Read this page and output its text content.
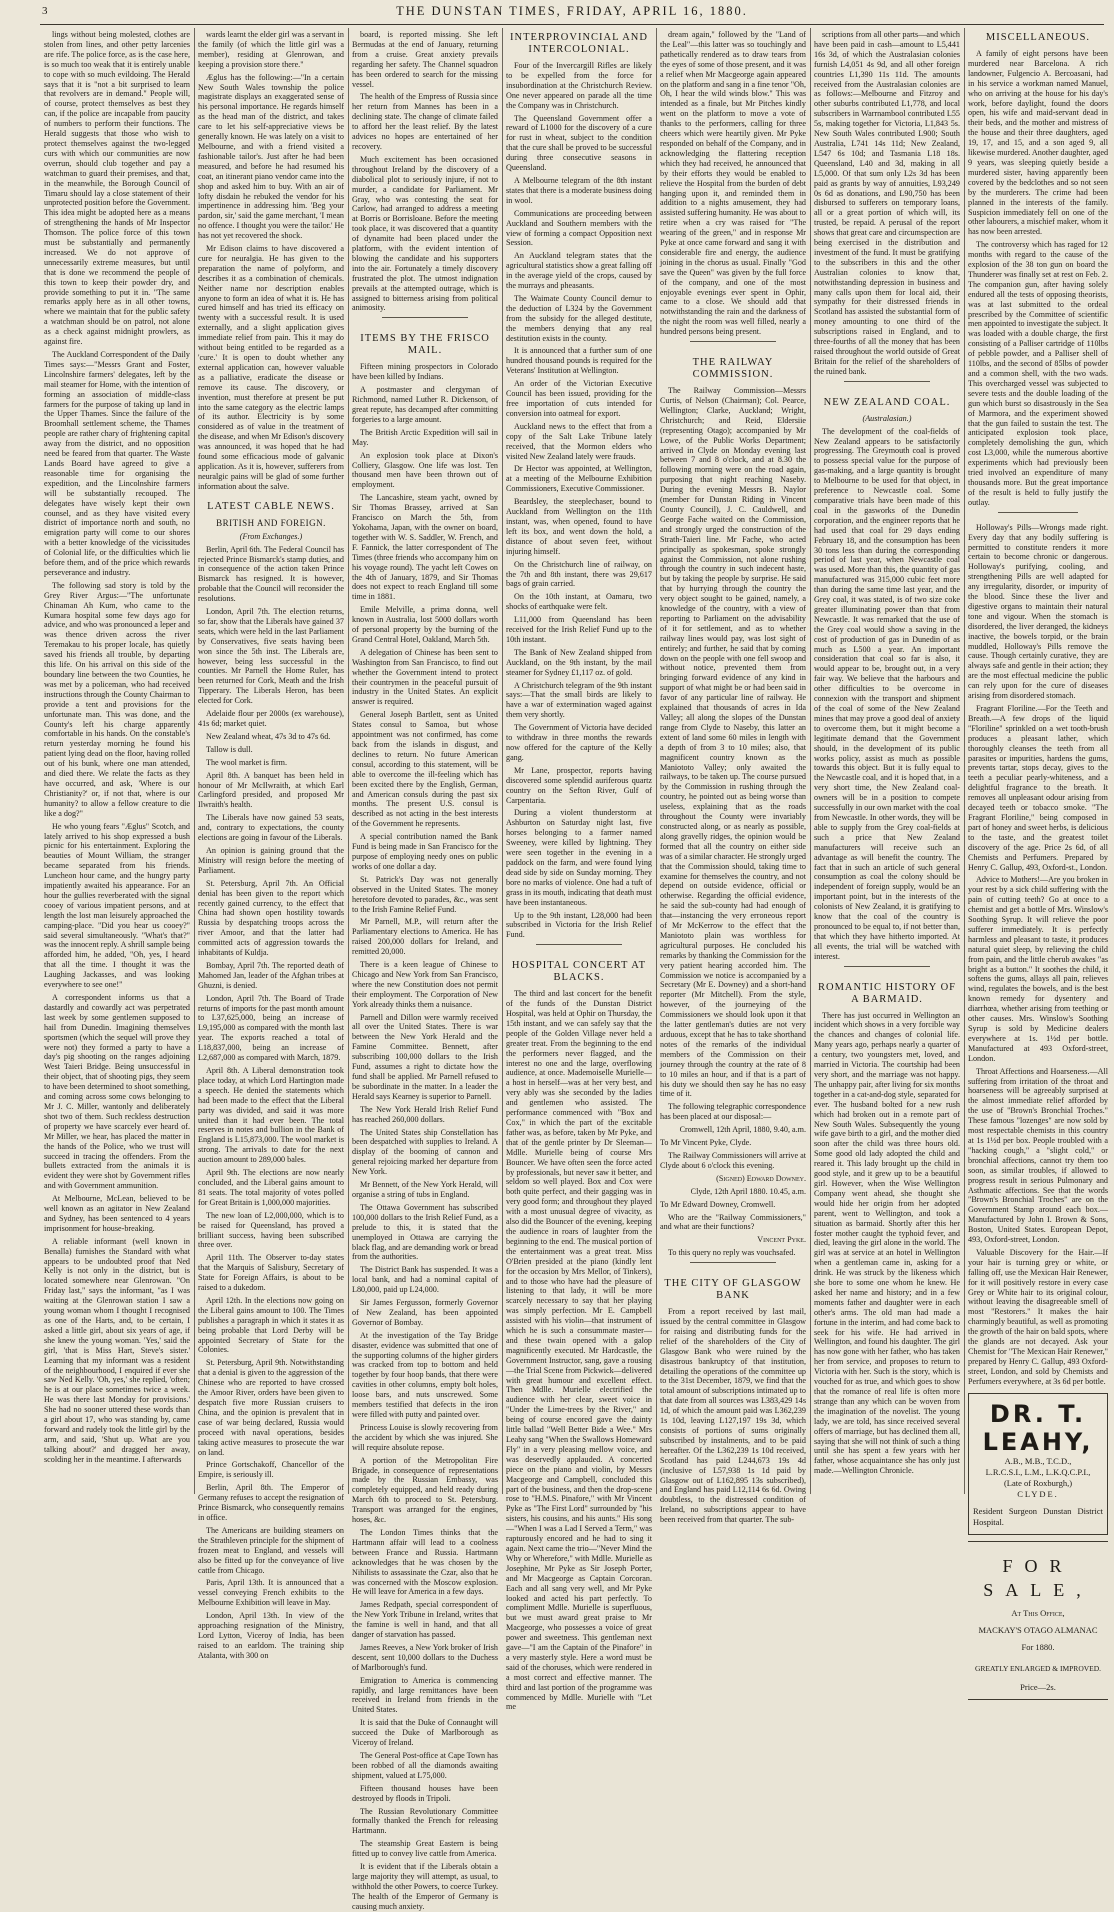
3	THE DUNSTAN TIMES, FRIDAY, APRIL 16, 1880.

lings without being molested, clothes are stolen from lines, and other petty larcenies are rife. The police force, as is the case here, is so much too weak that it is entirely unable to cope with so much evildoing. The Herald says that it is "not a bit surprised to learn that revolvers are in demand." People will, of course, protect themselves as best they can, if the police are incapable from paucity of numbers to perform their functions. The Herald suggests that those who wish to protect themselves against the two-legged curs with which our communities are now overrun, should club together and pay a watchman to guard their premises, and that, in the meanwhile, the Borough Council of Timaru should lay a close statement of their unprotected position before the Government. This idea might be adopted here as a means of strengthening the hands of Mr Inspector Thomson. The police force of this town must be substantially and permanently increased. We do not approve of unnecessarily extreme measures, but until that is done we recommend the people of this town to keep their powder dry, and provide something to put it in. "The same remarks apply here as in all other towns, where we maintain that for the public safety a watchman should be on patrol, not alone as a check against midnight prowlers, as against fire.

The Auckland Correspondent of the Daily Times says:—"Messrs Grant and Foster, Lincolnshire farmers' delegates, left by the mail steamer for Home, with the intention of forming an association of middle-class farmers for the purpose of taking up land in the Upper Thames. Since the failure of the Broomhall settlement scheme, the Thames people are rather chary of frightening capital away from the district, and no opposition need be feared from that quarter. The Waste Lands Board have agreed to give a reasonable time for organising the expedition, and the Lincolnshire farmers will be substantially recouped. The delegates have wisely kept their own counsel, and as they have visited every district of importance north and south, no emigration party will come to our shores with a better knowledge of the vicissitudes of Colonial life, or the difficulties which lie before them, and of the price which rewards perseverance and industry.

The following sad story is told by the Grey River Argus:—"The unfortunate Chinaman Ah Kum, who came to the Kumara hospital some few days ago for advice, and who was pronounced a leper and was thence driven across the river Teremakau to his proper locale, has quietly saved his friends all trouble, by departing this life. On his arrival on this side of the boundary line between the two Counties, he was met by a policeman, who had received instructions through the County Chairman to provide a tent and provisions for the unfortunate man. This was done, and the County's left his charge apparently comfortable in his hands. On the constable's return yesterday morning he found his patient lying dead on the floor, having rolled out of his bunk, where one man attended, and died there. We relate the facts as they have occurred, and ask, 'Where is our Christianity?' or, if not that, where is our humanity? to allow a fellow creature to die like a dog?"

He who young fears "Æglus" Scotch, and lately arrived to his shop expressed a bush picnic for his entertainment. Exploring the beauties of Mount William, the stranger became separated from his friends. Luncheon hour came, and the hungry party impatiently awaited his appearance. For an hour the gullies reverberated with the signal cooey of various impatient persons, and at length the lost man leisurely approached the camping-place. "Did you hear us cooey?" said several simultaneously. "What's that?" was the innocent reply. A shrill sample being afforded him, he added, "Oh, yes, I heard that all the time. I thought it was the Laughing Jackasses, and was looking everywhere to see one!"

A correspondent informs us that a dastardly and cowardly act was perpetrated last week by some gentlemen supposed to hail from Dunedin. Imagining themselves sportsmen (which the sequel will prove they were not) they formed a party to have a day's pig shooting on the ranges adjoining West Taieri Bridge. Being unsuccessful in their object, that of shooting pigs, they seem to have been determined to shoot something, and coming across some cows belonging to Mr J. C. Miller, wantonly and deliberately shot two of them. Such reckless destruction of property we have scarcely ever heard of. Mr Miller, we hear, has placed the matter in the hands of the Police, who we trust will succeed in tracing the offenders. From the bullets extracted from the animals it is evident they were shot by Government rifles and with Government ammunition.

At Melbourne, McLean, believed to be well known as an agitator in New Zealand and Sydney, has been sentenced to 4 years imprisonment for house-breaking.

A reliable informant (well known in Benalla) furnishes the Standard with what appears to be undoubted proof that Ned Kelly is not only in the district, but is located somewhere near Glenrowan. "On Friday last," says the informant, "as I was waiting at the Glenrowan station I saw a young woman whom I thought I recognised as one of the Harts, and, to be certain, I asked a little girl, about six years of age, if she knew the young woman. 'Yes,' said the girl, 'that is Miss Hart, Steve's sister.' Learning that my informant was a resident of the neighbourhood, I enquired if ever she saw Ned Kelly. 'Oh, yes,' she replied, 'often; he is at our place sometimes twice a week. He was there last Monday for provisions.' She had no sooner uttered these words than a girl about 17, who was standing by, came forward and rudely took the little girl by the arm, and said, 'Shut up. What are you talking about?' and dragged her away, scolding her in the meantime. I afterwards

wards learnt the elder girl was a servant in the family (of which the little girl was a member), residing at Glenrowan, and keeping a provision store there."

Æglus has the following:—"In a certain New South Wales township the police magistrate displays an exaggerated sense of his personal importance. He regards himself as the head man of the district, and takes care to let his self-appreciative views be generally known. He was lately on a visit to Melbourne, and with a friend visited a fashionable tailor's. Just after he had been measured, and before he had resumed his coat, an itinerant piano vendor came into the shop and asked him to buy. With an air of lofty disdain he rebuked the vendor for his impertinence in addressing him. 'Beg your pardon, sir,' said the game merchant, 'I mean no offence. I thought you were the tailor.' He has not yet recovered the shock.

Mr Edison claims to have discovered a cure for neuralgia. He has given to the preparation the name of polyform, and describes it as a combination of chemicals. Neither name nor description enables anyone to form an idea of what it is. He has cured himself and has tried its efficacy on twenty with a successful result. It is used externally, and a slight application gives immediate relief from pain. This it may do without being entitled to be regarded as a 'cure.' It is open to doubt whether any external application can, however valuable as a palliative, eradicate the disease or remove its cause. The discovery, or invention, must therefore at present be put into the same category as the electric lamps of its author. Electricity is by some considered as of value in the treatment of the disease, and when Mr Edison's discovery was announced, it was hoped that he had found some efficacious mode of galvanic application. As it is, however, sufferers from neuralgic pains will be glad of some further information about the salve.

LATEST CABLE NEWS.
BRITISH AND FOREIGN.

(From Exchanges.)

Berlin, April 6th. The Federal Council has rejected Prince Bismarck's stamp duties, and in consequence of the action taken Prince Bismarck has resigned. It is however, probable that the Council will reconsider the resolutions.

London, April 7th. The election returns, so far, show that the Liberals have gained 37 seats, which were held in the last Parliament by Conservatives, five seats having been won since the 5th inst. The Liberals are, however, being less successful in the counties. Mr Parnell the Home Ruler, has been returned for Cork, Meath and the Irish Tipperary. The Liberals Heron, has been elected for Cork.

Adelaide flour per 2000s (ex warehouse), 41s 6d; market quiet.

New Zealand wheat, 47s 3d to 47s 6d.

Tallow is dull.

The wool market is firm.

April 8th. A banquet has been held in honour of Mr McIlwraith, at which Earl Carlingford presided, and proposed Mr Ilwraith's health.

The Liberals have now gained 53 seats, and, contrary to expectations, the county elections are going in favour of the Liberals.

An opinion is gaining ground that the Ministry will resign before the meeting of Parliament.

St. Petersburg, April 7th. An Official denial has been given to the report which recently gained currency, to the effect that China had shown open hostility towards Russia by despatching troops across the river Amoor, and that the latter had committed acts of aggression towards the inhabitants of Kuldja.

Bombay, April 7th. The reported death of Mahomed Jan, leader of the Afghan tribes at Ghuzni, is denied.

London, April 7th. The Board of Trade returns of imports for the past month amount to L37,625,000, being an increase of L9,195,000 as compared with the month last year. The exports reached a total of L18,837,000, being an increase of L2,687,000 as compared with March, 1879.

April 8th. A Liberal demonstration took place today, at which Lord Hartington made a speech. He denied the statements which had been made to the effect that the Liberal party was divided, and said it was more united than it had ever been. The total reserves in notes and bullion in the Bank of England is L15,873,000. The wool market is strong. The arrivals to date for the next auction amount to 289,000 bales.

April 9th. The elections are now nearly concluded, and the Liberal gains amount to 81 seats. The total majority of votes polled for Great Britain is 1,000,000 majorities.

The new loan of L2,000,000, which is to be raised for Queensland, has proved a brilliant success, having been subscribed three over.

April 11th. The Observer to-day states that the Marquis of Salisbury, Secretary of State for Foreign Affairs, is about to be raised to a dukedom.

April 12th. In the elections now going on the Liberal gains amount to 100. The Times publishes a paragraph in which it states it as being probable that Lord Derby will be appointed Secretary of State for the Colonies.

St. Petersburg, April 9th. Notwithstanding that a denial is given to the aggression of the Chinese who are reported to have crossed the Amoor River, orders have been given to despatch five more Russian cruisers to China, and the opinion is prevalent that in case of war being declared, Russia would proceed with naval operations, besides taking active measures to prosecute the war on land.

Prince Gortschakoff, Chancellor of the Empire, is seriously ill.

Berlin, April 8th. The Emperor of Germany refuses to accept the resignation of Prince Bismarck, who consequently remains in office.

The Americans are building steamers on the Strathleven principle for the shipment of frozen meat to England, and vessels will also be fitted up for the conveyance of live cattle from Chicago.

Paris, April 13th. It is announced that a vessel conveying French exhibits to the Melbourne Exhibition will leave in May.

London, April 13th. In view of the approaching resignation of the Ministry, Lord Lytton, Viceroy of India, has been raised to an earldom. The training ship Atalanta, with 300 on

board, is reported missing. She left Bermudas at the end of January, returning from a cruise. Great anxiety prevails regarding her safety. The Channel squadron has been ordered to search for the missing vessel.

The health of the Empress of Russia since her return from Mannes has been in a declining state. The change of climate failed to afford her the least relief. By the latest advices no hopes are entertained of her recovery.

Much excitement has been occasioned throughout Ireland by the discovery of a diabolical plot to seriously injure, if not to murder, a candidate for Parliament. Mr Gray, who was contesting the seat for Carlow, had arranged to address a meeting at Borris or Borrisloane. Before the meeting took place, it was discovered that a quantity of dynamite had been placed under the platform, with the evident intention of blowing the candidate and his supporters into the air. Fortunately a timely discovery frustrated the plot. The utmost indignation prevails at the attempted outrage, which is assigned to bitterness arising from political animosity.

ITEMS BY THE FRISCO MAIL.

Fifteen mining prospectors in Colorado have been killed by Indians.

A postmaster and clergyman of Richmond, named Luther R. Dickenson, of great repute, has decamped after committing forgeries to a large amount.

The British Arctic Expedition will sail in May.

An explosion took place at Dixon's Colliery, Glasgow. One life was lost. Ten thousand men have been thrown out of employment.

The Lancashire, steam yacht, owned by Sir Thomas Brassey, arrived at San Francisco on March the 5th, from Yokohama, Japan, with the owner on board, together with W. S. Saddler, W. French, and F. Fannick, the latter correspondent of The Times (three friends who accompany him on his voyage round). The yacht left Cowes on the 4th of January, 1879, and Sir Thomas does not expect to reach England till some time in 1881.

Emile Melville, a prima donna, well known in Australia, lost 5000 dollars worth of personal property by the burning of the Grand Central Hotel, Oakland, March 5th.

A delegation of Chinese has been sent to Washington from San Francisco, to find out whether the Government intend to protect their countrymen in the peaceful pursuit of industry in the United States. An explicit answer is required.

General Joseph Bartlett, sent as United States consul to Samoa, but whose appointment was not confirmed, has come back from the islands in disgust, and declines to return. No future American consul, according to this statement, will be able to overcome the ill-feeling which has been excited there by the English, German, and American consuls during the past six months. The present U.S. consul is described as not acting in the best interests of the Government he represents.

A special contribution named the Bank Fund is being made in San Francisco for the purpose of employing needy ones on public works of one dollar a day.

St. Patrick's Day was not generally observed in the United States. The money heretofore devoted to parades, &c., was sent to the Irish Famine Relief Fund.

Mr Parnell, M.P., will return after the Parliamentary elections to America. He has raised 200,000 dollars for Ireland, and remitted 20,000.

There is a keen league of Chinese to Chicago and New York from San Francisco, where the new Constitution does not permit their employment. The Corporation of New York already thinks them a nuisance.

Parnell and Dillon were warmly received all over the United States. There is war between the New York Herald and the Famine Committee. Bennett, after subscribing 100,000 dollars to the Irish Fund, assumes a right to dictate how the fund shall be applied. Mr Parnell refused to be subordinate in the matter. In a leader the Herald says Kearney is superior to Parnell.

The New York Herald Irish Relief Fund has reached 260,000 dollars.

The United States ship Constellation has been despatched with supplies to Ireland. A display of the booming of cannon and general rejoicing marked her departure from New York.

Mr Bennett, of the New York Herald, will organise a string of tubs in England.

The Ottawa Government has subscribed 100,000 dollars to the Irish Relief Fund, as a prelude to this, it is stated that the unemployed in Ottawa are carrying the black flag, and are demanding work or bread from the authorities.

The District Bank has suspended. It was a local bank, and had a nominal capital of L80,000, paid up L24,000.

Sir James Fergusson, formerly Governor of New Zealand, has been appointed Governor of Bombay.

At the investigation of the Tay Bridge disaster, evidence was submitted that one of the supporting columns of the higher girders was cracked from top to bottom and held together by four hoop bands, that there were cavities in other columns, empty bolt holes, loose bars, and nuts unscrewed. Some members testified that defects in the iron were filled with putty and painted over.

Princess Louise is slowly recovering from the accident by which she was injured. She will require absolute repose.

A portion of the Metropolitan Fire Brigade, in consequence of representations made by the Russian Embassy, was completely equipped, and held ready during March 6th to proceed to St. Petersburg. Transport was arranged for the engines, hoses, &c.

The London Times thinks that the Hartmann affair will lead to a coolness between France and Russia. Hartmann acknowledges that he was chosen by the Nihilists to assassinate the Czar, also that he was concerned with the Moscow explosion. He will leave for America in a few days.

James Redpath, special correspondent of the New York Tribune in Ireland, writes that the famine is well in hand, and that all danger of starvation has passed.

James Reeves, a New York broker of Irish descent, sent 10,000 dollars to the Duchess of Marlborough's fund.

Emigration to America is commencing rapidly, and large remittances have been received in Ireland from friends in the United States.

It is said that the Duke of Connaught will succeed the Duke of Marlborough as Viceroy of Ireland.

The General Post-office at Cape Town has been robbed of all the diamonds awaiting shipment, valued at L75,000.

Fifteen thousand houses have been destroyed by floods in Tripoli.

The Russian Revolutionary Committee formally thanked the French for releasing Hartmann.

The steamship Great Eastern is being fitted up to convey live cattle from America.

It is evident that if the Liberals obtain a large majority they will attempt, as usual, to withhold the other Powers, to coerce Turkey. The health of the Emperor of Germany is causing much anxiety.

INTERPROVINCIAL AND INTERCOLONIAL.

Four of the Invercargill Rifles are likely to be expelled from the force for insubordination at the Christchurch Review. One never appeared on parade all the time the Company was in Christchurch.

The Queensland Government offer a reward of L1000 for the discovery of a cure for rust in wheat, subject to the condition that the cure shall be proved to be successful during three consecutive seasons in Queensland.

A Melbourne telegram of the 8th instant states that there is a moderate business doing in wool.

Communications are proceeding between Auckland and Southern members with the view of forming a compact Opposition next Session.

An Auckland telegram states that the agricultural statistics show a great falling off in the average yield of the crops, caused by the murrays and pheasants.

The Waimate County Council demur to the deduction of L324 by the Government from the subsidy for the alleged destitute, the members denying that any real destitution exists in the county.

It is announced that a further sum of one hundred thousand pounds is required for the Veterans' Institution at Wellington.

An order of the Victorian Executive Council has been issued, providing for the free importation of cuts intended for conversion into oatmeal for export.

Auckland news to the effect that from a copy of the Salt Lake Tribune lately received, that the Mormon elders who visited New Zealand lately were frauds.

Dr Hector was appointed, at Wellington, at a meeting of the Melbourne Exhibition Commissioners, Executive Commissioner.

Beardsley, the steeplechaser, bound to Auckland from Wellington on the 11th instant, was, when opened, found to have left its box, and went down the hold, a distance of about seven feet, without injuring himself.

On the Christchurch line of railway, on the 7th and 8th instant, there was 29,617 bags of grain carried.

On the 10th instant, at Oamaru, two shocks of earthquake were felt.

L11,000 from Queensland has been received for the Irish Relief Fund up to the 10th instant.

The Bank of New Zealand shipped from Auckland, on the 9th instant, by the mail steamer for Sydney £1,117 oz. of gold.

A Christchurch telegram of the 9th instant says:—That the small birds are likely to have a war of extermination waged against them very shortly.

The Government of Victoria have decided to withdraw in three months the rewards now offered for the capture of the Kelly gang.

Mr Lane, prospector, reports having discovered some splendid auriferous quartz country on the Sefton River, Gulf of Carpentaria.

During a violent thunderstorm at Ashburton on Saturday night last, five horses belonging to a farmer named Sweeney, were killed by lightning. They were seen together in the evening in a paddock on the farm, and were found lying dead side by side on Sunday morning. They bore no marks of violence. One had a tuft of grass in its mouth, indicating that death must have been instantaneous.

Up to the 9th instant, L28,000 had been subscribed in Victoria for the Irish Relief Fund.

HOSPITAL CONCERT AT BLACKS.

The third and last concert for the benefit of the funds of the Dunstan District Hospital, was held at Ophir on Thursday, the 15th instant, and we can safely say that the people of the Golden Village never held a greater treat. From the beginning to the end the performers never flagged, and the interest no one and the large, overflowing audience, at once. Mademoiselle Murielle—a host in herself—was at her very best, and very ably was she seconded by the ladies and gentlemen who assisted. The performance commenced with "Box and Cox," in which the part of the excitable father was, as before, taken by Mr Pyke, and that of the gentle printer by Dr Sleeman—Mdlle. Murielle being of course Mrs Bouncer. We have often seen the force acted by professionals, but never saw it better, and seldom so well played. Box and Cox were both quite perfect, and their gagging was in very good form; and throughout they played with a most unusual degree of vivacity, as also did the Bouncer of the evening, keeping the audience in roars of laughter from the beginning to the end. The musical portion of the entertainment was a great treat. Miss O'Brien presided at the piano (kindly lent for the occasion by Mrs Mellor, of Tinkers), and to those who have had the pleasure of listening to that lady, it will be more scarcely necessary to say that her playing was simply perfection. Mr E. Campbell assisted with his violin—that instrument of which he is such a consummate master—and these twain opened with a galop magnificently executed. Mr Hardcastle, the Government Instructor, sang, gave a rousing—the Trial Scene from Pickwick—delivered with great humour and excellent effect. Then Mdlle. Murielle electrified the audience with her clear, sweet voice in "Under the Lime-trees by the River," and being of course encored gave the dainty little ballad "Well Better Bide a Wee." Mrs Leahy sang "When the Swallows Homeward Fly" in a very pleasing mellow voice, and was deservedly applauded. A concerted piece on the piano and violin, by Messrs Macgeorge and Campbell, concluded this part of the business, and then the drop-scene rose to "H.M.S. Pinafore," with Mr Vincent Pyke as "The First Lord" surrounded by "his sisters, his cousins, and his aunts." His song—"When I was a Lad I Served a Term," was rapturously encored and he had to sing it again. Next came the trio—"Never Mind the Why or Wherefore," with Mdlle. Murielle as Josephine, Mr Pyke as Sir Joseph Porter, and Mr Macgeorge as Captain Corcoran. Each and all sang very well, and Mr Pyke looked and acted his part perfectly. To compliment Mdlle. Murielle is superfluous, but we must award great praise to Mr Macgeorge, who possesses a voice of great power and sweetness. This gentleman next gave—"I am the Captain of the Pinafore" in a very masterly style. Here a word must be said of the choruses, which were rendered in a most correct and effective manner. The third and last portion of the programme was commenced by Mdlle. Murielle with "Let me

dream again," followed by the "Land of the Leal"—this latter was so touchingly and pathetically rendered as to draw tears from the eyes of some of those present, and it was a relief when Mr Macgeorge again appeared on the platform and sang in a fine tenor "Oh, Oh, I hear the wild winds blow." This was intended as a finale, but Mr Pitches kindly went on the platform to move a vote of thanks to the performers, calling for three cheers which were heartily given. Mr Pyke responded on behalf of the Company, and in acknowledging the flattering reception which they had received, he announced that by their efforts they would be enabled to relieve the Hospital from the burden of debt hanging upon it, and reminded them in addition to a nights amusement, they had assisted suffering humanity. He was about to retire when a cry was raised for "The wearing of the green," and in response Mr Pyke at once came forward and sang it with considerable fire and energy, the audience joining in the chorus as usual. Finally "God save the Queen" was given by the full force of the company, and one of the most enjoyable evenings ever spent in Ophir, came to a close. We should add that notwithstanding the rain and the darkness of the night the room was well filled, nearly a hundred persons being present.

THE RAILWAY COMMISSION.

The Railway Commission—Messrs Curtis, of Nelson (Chairman); Col. Pearce, Wellington; Clarke, Auckland; Wright, Christchurch; and Reid, Eldersiie (representing Otago); accompanied by Mr Lowe, of the Public Works Department; arrived in Clyde on Monday evening last between 7 and 8 o'clock, and at 8.30 the following morning were on the road again, purposing that night reaching Naseby. During the evening Messrs B. Naylor (member for Dunstan Riding in Vincent County Council), J. C. Cauldwell, and George Fache waited on the Commission, and strongly urged the construction of the Strath-Taieri line. Mr Fache, who acted principally as spokesman, spoke strongly against the Commission, not alone rushing through the country in such indecent haste, but by taking the people by surprise. He said that by hurrying through the country the very object sought to be gained, namely, a knowledge of the country, with a view of reporting to Parliament on the advisability of it for settlement, and as to whether railway lines would pay, was lost sight of entirely; and further, he said that by coming down on the people with one fell swoop and without notice, prevented them from bringing forward evidence of any kind in support of what might be or had been said in favor of any particular line of railway. He explained that thousands of acres in Ida Valley; all along the slopes of the Dunstan range from Clyde to Naseby, this latter an extent of land some 60 miles in length with a depth of from 3 to 10 miles; also, that magnificent country known as the Maniototo Valley; only awaited the railways, to be taken up. The course pursued by the Commission in rushing through the country, he pointed out as being worse than useless, explaining that as the roads throughout the County were invariably constructed along, or as nearly as possible, along gravelly ridges, the opinion would be formed that all the country on either side was of a similar character. He strongly urged that the Commission should, taking time to examine for themselves the country, and not depend on outside evidence, official or otherwise. Regarding the official evidence, he said the sub-county had had enough of that—instancing the very erroneous report of Mr McKerrow to the effect that the Maniototo plain was worthless for agricultural purposes. He concluded his remarks by thanking the Commission for the very patient hearing accorded him. The Commission we notice is accompanied by a Secretary (Mr E. Downey) and a short-hand reporter (Mr Mitchell). From the style, however, of the journeying of the Commissioners we should look upon it that the latter gentleman's duties are not very arduous, except that he has to take shorthand notes of the remarks of the individual members of the Commission on their journey through the country at the rate of 8 to 10 miles an hour, and if that is a part of his duty we should then say he has no easy time of it.

The following telegraphic correspondence has been placed at our disposal:—

Cromwell, 12th April, 1880, 9.40, a.m.

To Mr Vincent Pyke, Clyde.

The Railway Commissioners will arrive at Clyde about 6 o'clock this evening.

(Signed) Edward Downey.

Clyde, 12th April 1880. 10.45, a.m.

To Mr Edward Downey, Cromwell.

Who are the "Railway Commissioners," and what are their functions?

Vincent Pyke.

To this query no reply was vouchsafed.

THE CITY OF GLASGOW BANK

From a report received by last mail, issued by the central committee in Glasgow for raising and distributing funds for the relief of the shareholders of the City of Glasgow Bank who were ruined by the disastrous bankruptcy of that institution, detailing the operations of the committee up to the 31st December, 1879, we find that the total amount of subscriptions intimated up to that date from all sources was L383,429 14s 1d, of which the amount paid was L362,239 1s 10d, leaving L127,197 19s 3d, which consists of portions of sums originally subscribed by instalments, and to be paid hereafter. Of the L362,239 1s 10d received, Scotland has paid L244,673 19s 4d (inclusive of L57,938 1s 1d paid by Glasgow out of L162,895 13s subscribed), and England has paid L12,114 6s 6d. Owing doubtless, to the distressed condition of Ireland, no subscriptions appear to have been received from that quarter. The sub-

scriptions from all other parts—and which have been paid in cash—amount to L5,441 16s 3d, of which the Australasian colonies furnish L4,051 4s 9d, and all other foreign countries L1,390 11s 11d. The amounts received from the Australasian colonies are as follows:—Melbourne and Fitzroy and other suburbs contributed L1,778, and local subscribers in Warrnambool contributed L55 5s, making together for Victoria, L1,843 5s. New South Wales contributed L900; South Australia, L741 14s 11d; New Zealand, L547 6s 10d; and Tasmania L18 18s. Queensland, L40 and 3d, making in all L5,000. Of that sum only L2s 3d has been paid as grants by way of annuities, L93,249 0s 6d as donations, and L90,750 has been disbursed to sufferers on temporary loans, all or a great portion of which will, its trusted, be repaid. A perusal of the report shows that great care and circumspection are being exercised in the distribution and investment of the fund. It must be gratifying to the subscribers in this and the other Australian colonies to know that, notwithstanding depression in business and many calls upon them for local aid, their sympathy for their distressed friends in Scotland has assisted the substantial form of money amounting to one third of the subscriptions raised in England, and to three-fourths of all the money that has been raised throughout the world outside of Great Britain for the relief of the shareholders of the ruined bank.

NEW ZEALAND COAL.

(Australasian.)

The development of the coal-fields of New Zealand appears to be satisfactorily progressing. The Greymouth coal is proved to possess special value for the purpose of gas-making, and a large quantity is brought to Melbourne to be used for that object, in preference to Newcastle coal. Some comparative trials have been made of this coal in the gasworks of the Dunedin corporation, and the engineer reports that he had used that coal for 29 days ending February 18, and the consumption has been 30 tons less than during the corresponding period of last year, when Newcastle coal was used. More than this, the quantity of gas manufactured was 315,000 cubic feet more than during the same time last year, and the Grey coal, it was stated, is of two size coke greater illuminating power than that from Newcastle. It was remarked that the use of the Grey coal would show a saving in the cost of production of gas in Dunedin of as much as L500 a year. An important consideration that coal so far is also, it would appear to be, brought out, in a very fair way. We believe that the harbours and other difficulties to be overcome in connexion with the transport and shipment of the coal of some of the New Zealand mines that may prove a good deal of anxiety to overcome them, but it might become a legitimate demand that the Government should, in the development of its public works policy, assist as much as possible towards this object. But it is fully equal to the Newcastle coal, and it is hoped that, in a very short time, the New Zealand coal-owners will be in a position to compete successfully in our own market with the coal from Newcastle. In other words, they will be able to supply from the Grey coal-fields at such a price that New Zealand manufacturers will receive such an advantage as will benefit the country. The fact that in such an article of such general consumption as coal the colony should be independent of foreign supply, would be an important point, but in the interests of the colonists of New Zealand, it is gratifying to know that the coal of the country is pronounced to be equal to, if not better than, that which they have hitherto imported. At all events, the trial will be watched with interest.

ROMANTIC HISTORY OF A BARMAID.

There has just occurred in Wellington an incident which shows in a very forcible way the chances and changes of colonial life. Many years ago, perhaps nearly a quarter of a century, two youngsters met, loved, and married in Victoria. The courtship had been very short, and the marriage was not happy. The unhappy pair, after living for six months together in a cat-and-dog style, separated for ever. The husband bolted for a new rush which had broken out in a remote part of New South Wales. Subsequently the young wife gave birth to a girl, and the mother died soon after the child was three hours old. Some good old lady adopted the child and reared it. This lady brought up the child in good style, and it grew up to be a beautiful girl. However, when the Wise Wellington Company went ahead, she thought she would hide her origin from her adopted parent, went to Wellington, and took a situation as barmaid. Shortly after this her foster mother caught the typhoid fever, and died, leaving the girl alone in the world. The girl was at service at an hotel in Wellington when a gentleman came in, asking for a drink. He was struck by the likeness which she bore to some one whom he knew. He asked her name and history; and in a few moments father and daughter were in each other's arms. The old man had made a fortune in the interim, and had come back to seek for his wife. He had arrived in Wellington, and found his daughter. The girl has now gone with her father, who has taken her from service, and proposes to return to Victoria with her. Such is the story, which is vouched for as true, and which goes to show that the romance of real life is often more strange than any which can be woven from the imagination of the novelist. The young lady, we are told, has since received several offers of marriage, but has declined them all, saying that she will not think of such a thing until she has spent a few years with her father, whose acquaintance she has only just made.—Wellington Chronicle.

MISCELLANEOUS.

A family of eight persons have been murdered near Barcelona. A rich landowner, Fulgencio A. Bercoasani, had in his service a workman named Manuel, who on arriving at the house for his day's work, before daylight, found the doors open, his wife and maid-servant dead in their beds, and the mother and mistress of the house and their three daughters, aged 19, 17, and 15, and a son aged 9, all likewise murdered. Another daughter, aged 9 years, was sleeping quietly beside a murdered sister, having apparently been covered by the bedclothes and so not seen by the murderers. The crime had been planned in the interests of the family. Suspicion immediately fell on one of the other labourers, a mischief maker, whom it has now been arrested.

The controversy which has raged for 12 months with regard to the cause of the explosion of the 38 ton gun on board the Thunderer was finally set at rest on Feb. 2. The companion gun, after having solely endured all the tests of opposing theorists, was at last submitted to the ordeal prescribed by the Committee of scientific men appointed to investigate the subject. It was loaded with a double charge, the first consisting of a Palliser cartridge of 110lbs of pebble powder, and a Palliser shell of 110lbs, and the second of 85lbs of powder and a common shell, with the two wads. This overcharged vessel was subjected to severe tests and the double loading of the gun which burst so disastrously in the Sea of Marmora, and the experiment showed that the gun failed to sustain the test. The anticipated explosion took place, completely demolishing the gun, which cost L3,000, while the numerous abortive experiments which had previously been tried involved an expenditure of many thousands more. But the great importance of the result is held to fully justify the outlay.

Holloway's Pills—Wrongs made right. Every day that any bodily suffering is permitted to constitute renders it more certain to become chronic or dangerous. Holloway's purifying, cooling, and strengthening Pills are well adapted for any irregularity, disorder, or impurity of the blood. Since these the liver and digestive organs to maintain their natural tone and vigour. When the stomach is disordered, the liver deranged, the kidneys inactive, the bowels torpid, or the brain muddled, Holloway's Pills remove the cause. Though certainly curative, they are always safe and gentle in their action; they are the most effectual medicine the public can rely upon for the cure of diseases arising from disordered stomach.

Fragrant Floriline.—For the Teeth and Breath.—A few drops of the liquid "Floriline" sprinkled on a wet tooth-brush produces a pleasant lather, which thoroughly cleanses the teeth from all parasites or impurities, hardens the gums, prevents tartar, stops decay, gives to the teeth a peculiar pearly-whiteness, and a delightful fragrance to the breath. It removes all unpleasant odour arising from decayed teeth or tobacco smoke. "The Fragrant Floriline," being composed in part of honey and sweet herbs, is delicious to the taste, and the greatest toilet discovery of the age. Price 2s 6d, of all Chemists and Perfumers. Prepared by Henry C. Gallup, 493, Oxford-st., London.

Advice to Mothers!—Are you broken in your rest by a sick child suffering with the pain of cutting teeth? Go at once to a chemist and get a bottle of Mrs. Winslow's Soothing Syrup. It will relieve the poor sufferer immediately. It is perfectly harmless and pleasant to taste, it produces natural quiet sleep, by relieving the child from pain, and the little cherub awakes "as bright as a button." It soothes the child, it softens the gums, allays all pain, relieves wind, regulates the bowels, and is the best known remedy for dysentery and diarrhœa, whether arising from teething or other causes. Mrs. Winslow's Soothing Syrup is sold by Medicine dealers everywhere at 1s. 1½d per bottle. Manufactured at 493 Oxford-street, London.

Throat Affections and Hoarseness.—All suffering from irritation of the throat and hoarseness will be agreeably surprised at the almost immediate relief afforded by the use of "Brown's Bronchial Troches." These famous "lozenges" are now sold by most respectable chemists in this country at 1s 1½d per box. People troubled with a "hacking cough," a "slight cold," or bronchial affections, cannot try them too soon, as similar troubles, if allowed to progress result in serious Pulmonary and Asthmatic affections. See that the words "Brown's Bronchial Troches" are on the Government Stamp around each box.—Manufactured by John I. Brown & Sons, Boston, United States. European Depot, 493, Oxford-street, London.

Valuable Discovery for the Hair.—If your hair is turning grey or white, or falling off, use the Mexican Hair Renewer, for it will positively restore in every case Grey or White hair to its original colour, without leaving the disagreeable smell of most "Restorers." It makes the hair charmingly beautiful, as well as promoting the growth of the hair on bald spots, where the glands are not decayed. Ask your Chemist for "The Mexican Hair Renewer," prepared by Henry C. Gallup, 493 Oxford-street, London, and sold by Chemists and Perfumers everywhere, at 3s 6d per bottle.

DR. T. LEAHY,
A.B., M.B., T.C.D.,
L.R.C.S.I., L.M., L.K.Q.C.P.I.,
(Late of Roxburgh,)
CLYDE.
Resident Surgeon Dunstan District Hospital.
FOR SALE,
At This Office,
MACKAY'S OTAGO ALMANAC
For 1880.
GREATLY ENLARGED & IMPROVED.
Price—2s.
